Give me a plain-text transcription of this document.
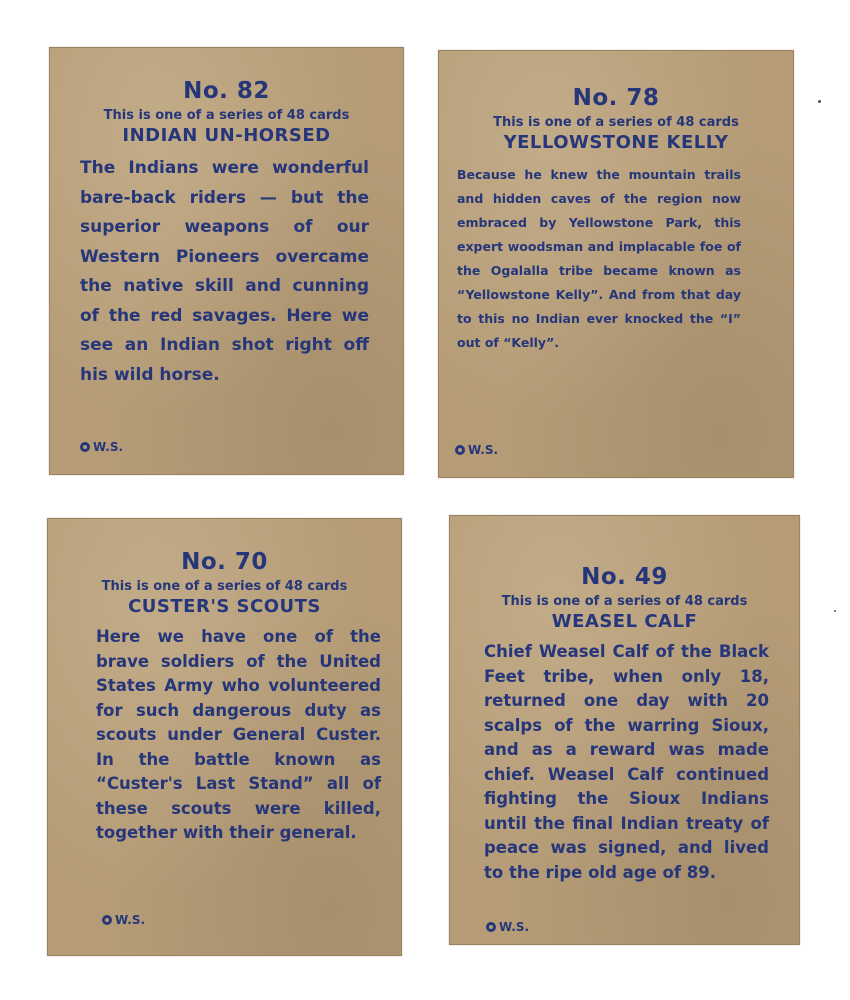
No. 82
This is one of a series of 48 cards
INDIAN UN-HORSED
The Indians were wonderful bare-back riders — but the superior weapons of our Western Pioneers overcame the native skill and cunning of the red savages. Here we see an Indian shot right off his wild horse.
W.S.
No. 78
This is one of a series of 48 cards
YELLOWSTONE KELLY
Because he knew the mountain trails and hidden caves of the region now embraced by Yellowstone Park, this expert woodsman and implacable foe of the Ogalalla tribe became known as “Yellowstone Kelly”. And from that day to this no Indian ever knocked the “I” out of “Kelly”.
W.S.
No. 70
This is one of a series of 48 cards
CUSTER'S SCOUTS
Here we have one of the brave soldiers of the United States Army who volunteered for such dangerous duty as scouts under General Custer. In the battle known as “Custer's Last Stand” all of these scouts were killed, together with their general.
W.S.
No. 49
This is one of a series of 48 cards
WEASEL CALF
Chief Weasel Calf of the Black Feet tribe, when only 18, returned one day with 20 scalps of the warring Sioux, and as a reward was made chief. Weasel Calf continued fighting the Sioux Indians until the final Indian treaty of peace was signed, and lived to the ripe old age of 89.
W.S.
